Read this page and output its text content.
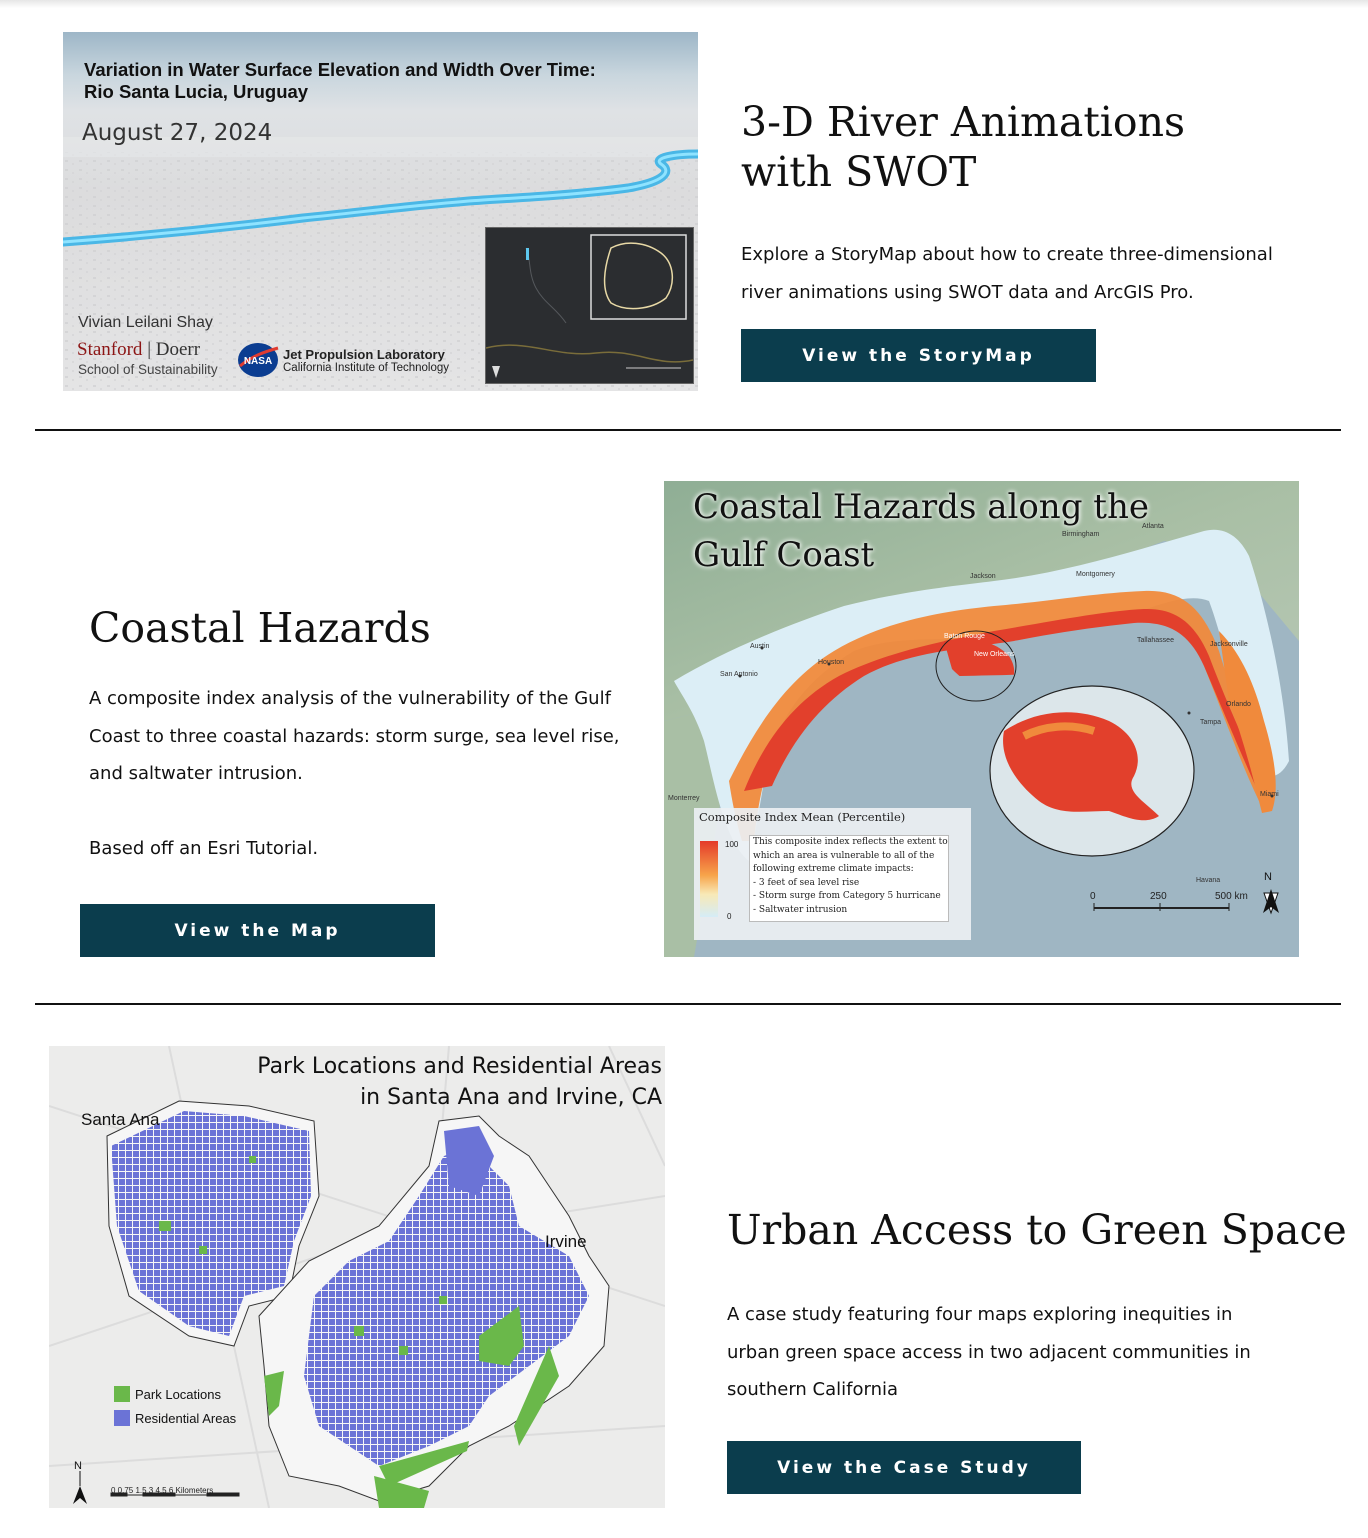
Variation in Water Surface Elevation and Width Over Time:
Rio Santa Lucia, Uruguay
August 27, 2024
Vivian Leilani Shay
Stanford | Doerr
School of Sustainability
NASA Jet Propulsion Laboratory
California Institute of Technology
3-D River Animations
with SWOT

Explore a StoryMap about how to create three-dimensional river animations using SWOT data and ArcGIS Pro.

View the StoryMap
Coastal Hazards

A composite index analysis of the vulnerability of the Gulf Coast to three coastal hazards: storm surge, sea level rise, and saltwater intrusion.

Based off an Esri Tutorial.

View the Map
Coastal Hazards along the
Gulf Coast
Composite Index Mean (Percentile)
100
0
This composite index reflects the extent to
which an area is vulnerable to all of the
following extreme climate impacts:
- 3 feet of sea level rise
- Storm surge from Category 5 hurricane
- Saltwater intrusion
0	250	500 km
N
Austin
San Antonio
Houston
Baton Rouge
New Orleans
Tallahassee
Jacksonville
Orlando
Tampa
Miami
Atlanta
Birmingham
Montgomery
Jackson
Havana
Monterrey
Park Locations and Residential Areas
in Santa Ana and Irvine, CA
Santa Ana
Irvine
Park Locations
Residential Areas
N
0 0.75 1.5 3 4.5 6 Kilometers
Urban Access to Green Space

A case study featuring four maps exploring inequities in urban green space access in two adjacent communities in southern California

View the Case Study
